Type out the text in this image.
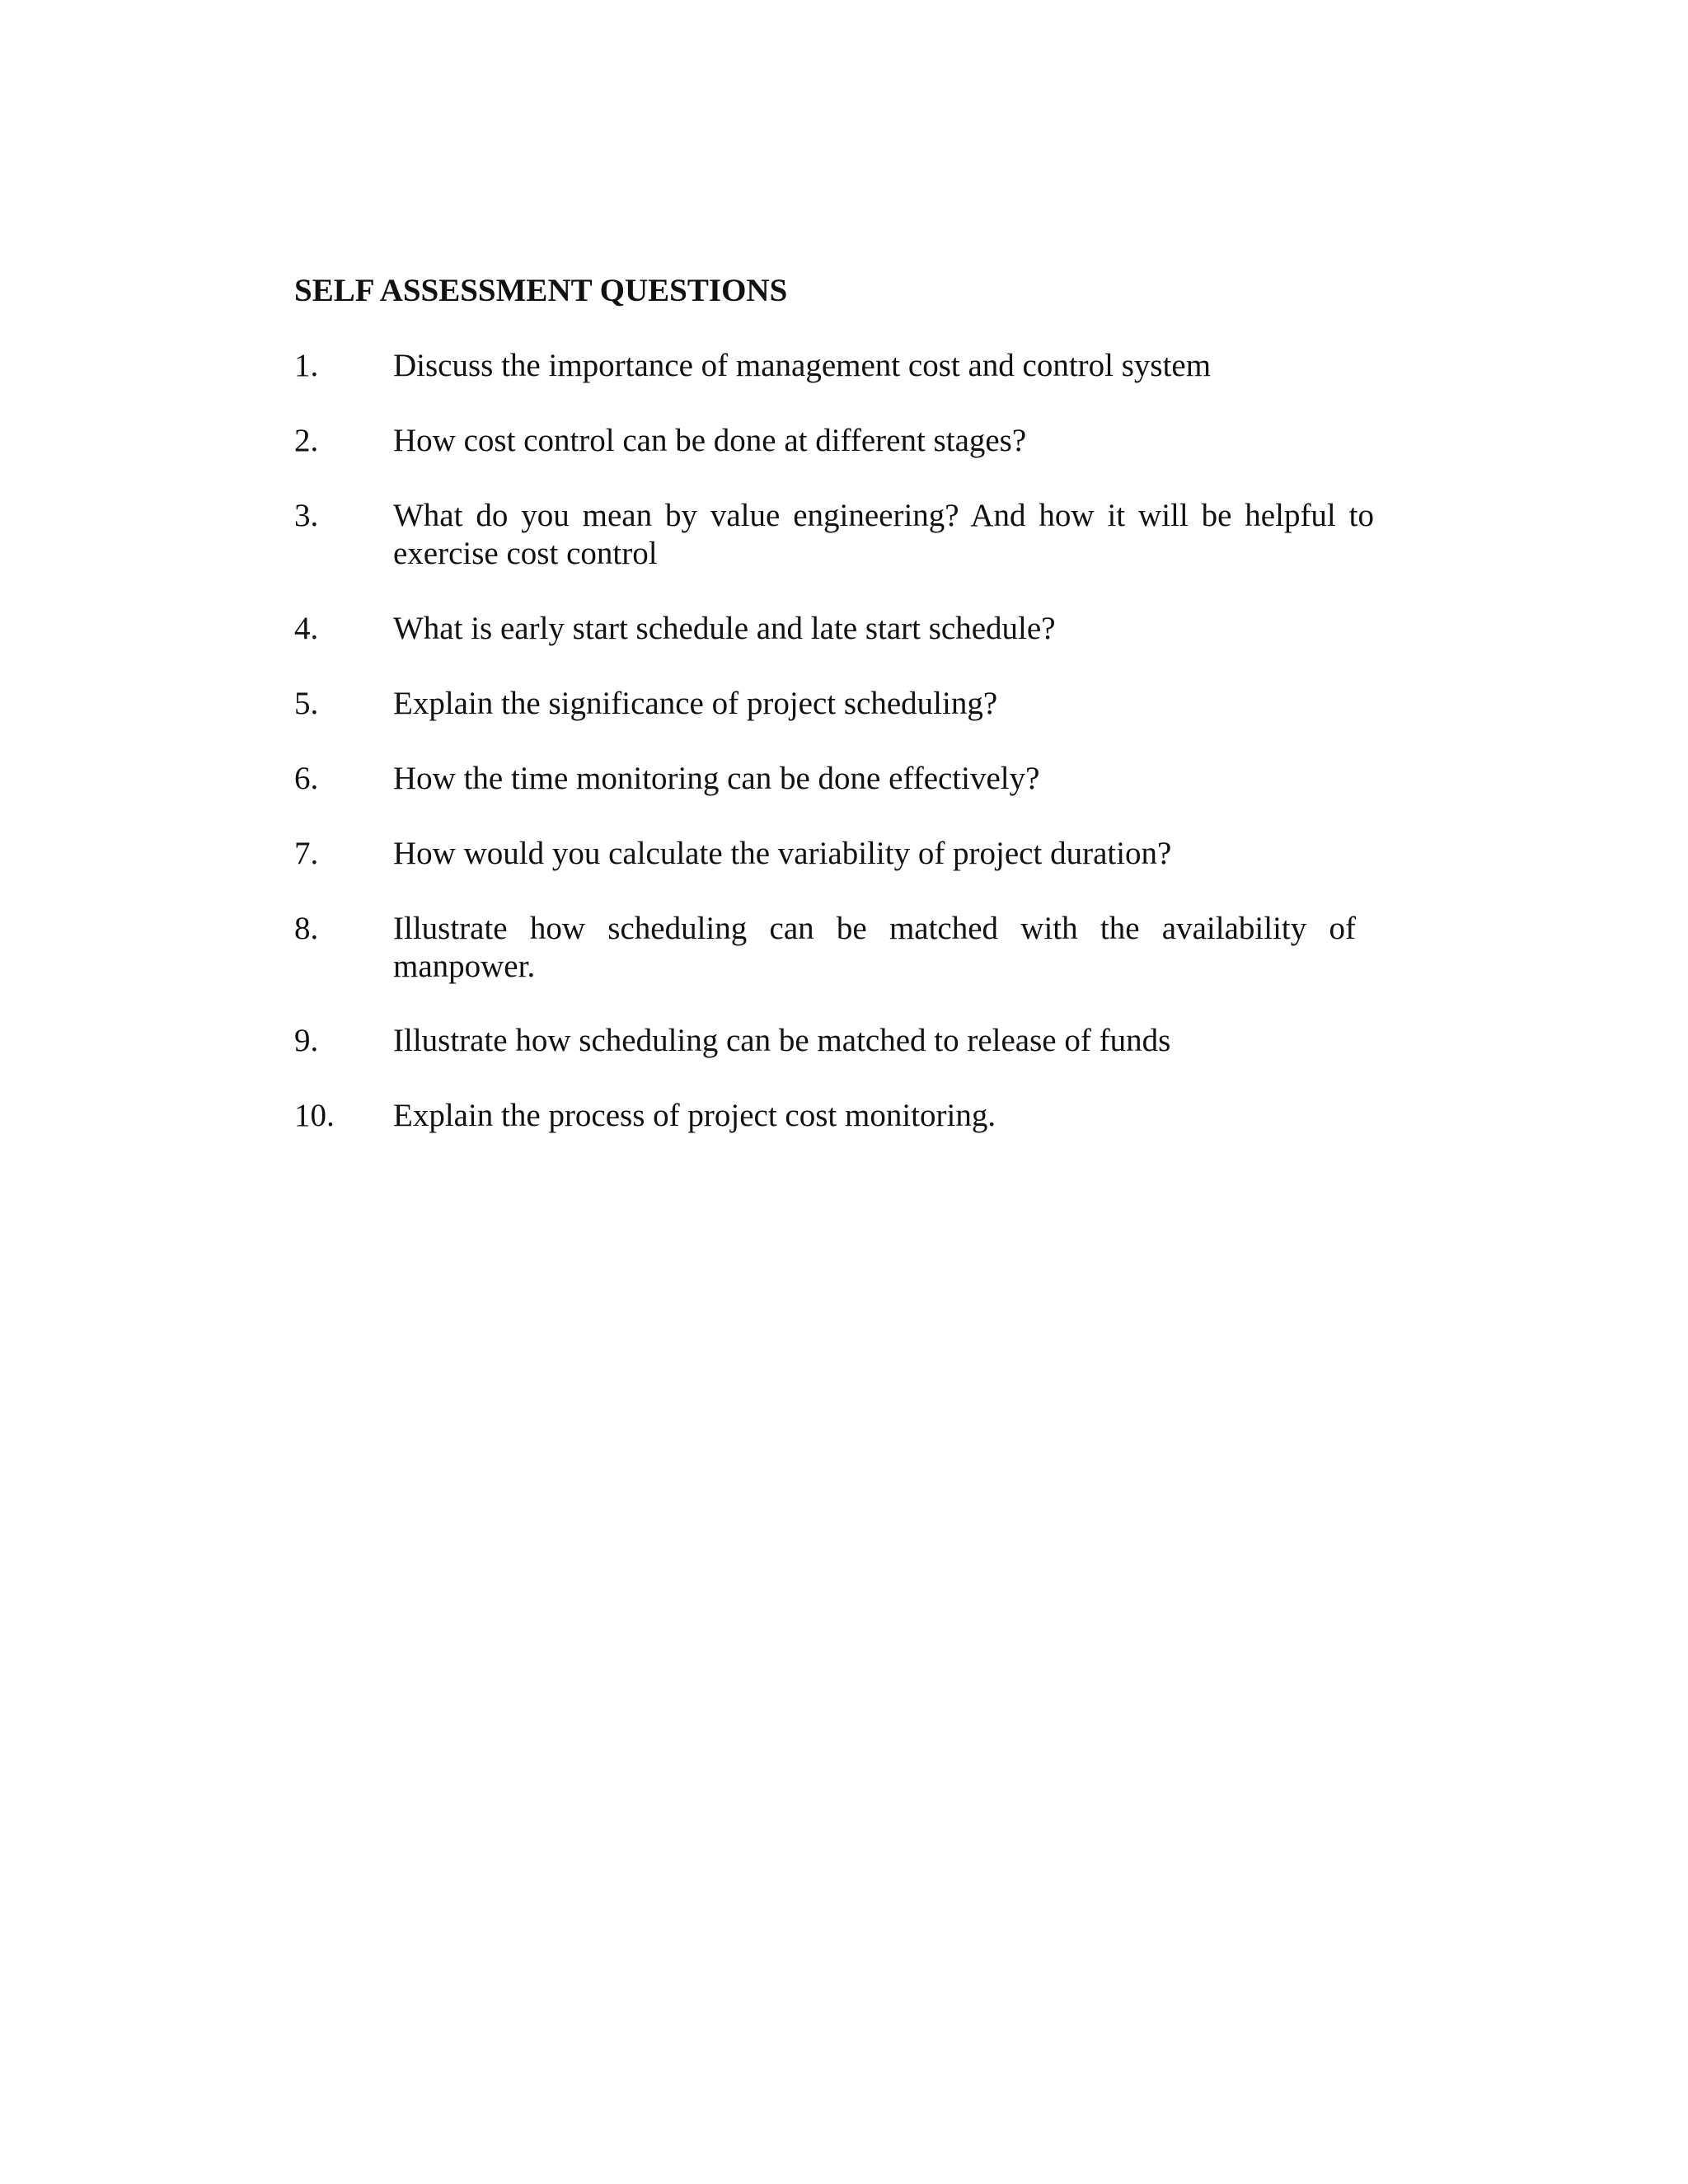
SELF ASSESSMENT QUESTIONS
1.	Discuss the importance of management cost and control system
2.	How cost control can be done at different stages?
3.	What do you mean by value engineering? And how it will be helpful to exercise cost control
4.	What is early start schedule and late start schedule?
5.	Explain the significance of project scheduling?
6.	How the time monitoring can be done effectively?
7.	How would you calculate the variability of project duration?
8.	Illustrate how scheduling can be matched with the availability of manpower.
9.	Illustrate how scheduling can be matched to release of funds
10.	Explain the process of project cost monitoring.
